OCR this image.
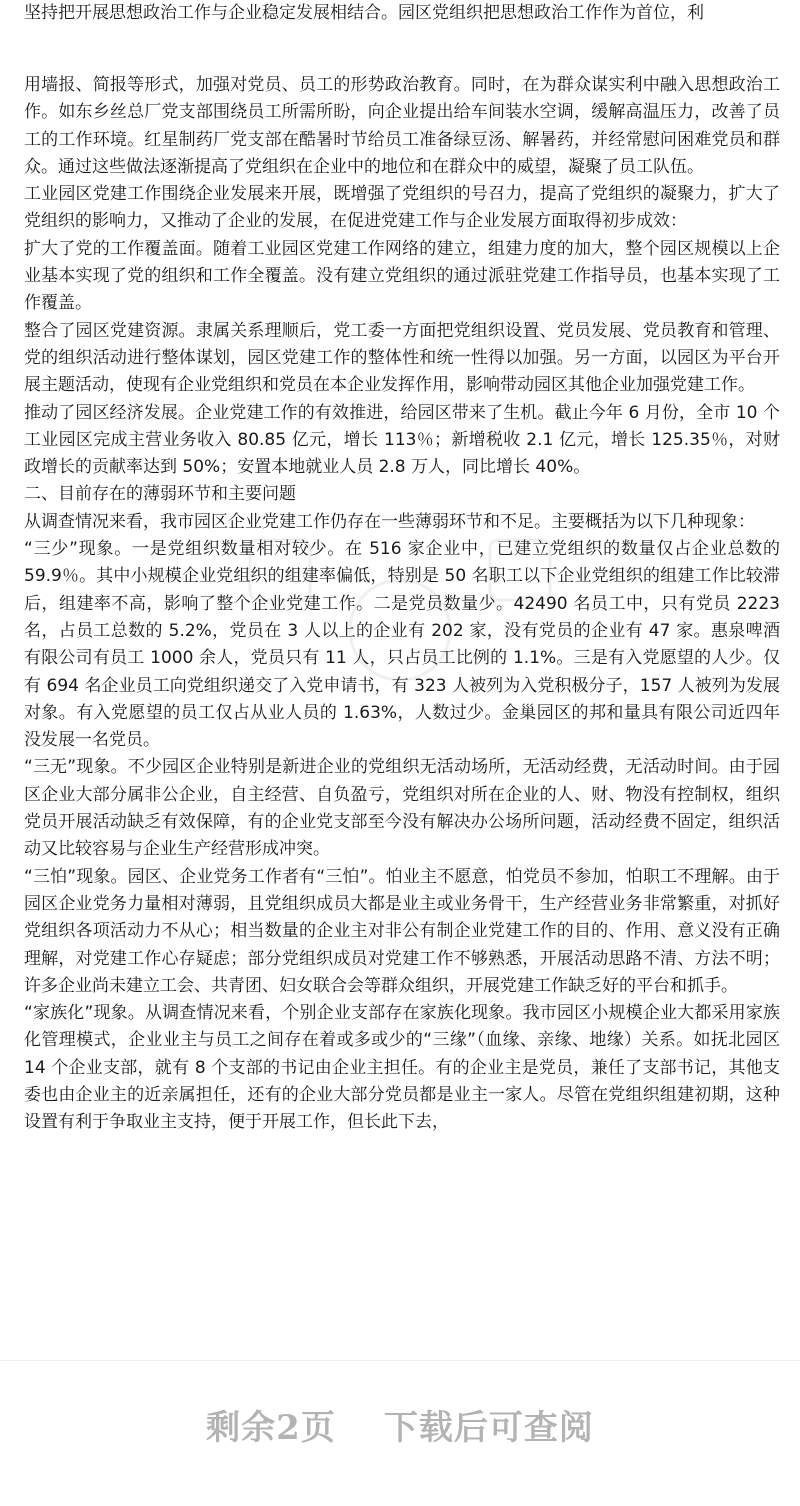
坚持把开展思想政治工作与企业稳定发展相结合。园区党组织把思想政治工作作为首位，利

用墙报、简报等形式，加强对党员、员工的形势政治教育。同时，在为群众谋实利中融入思想政治工作。如东乡丝总厂党支部围绕员工所需所盼，向企业提出给车间装水空调，缓解高温压力，改善了员工的工作环境。红星制药厂党支部在酷暑时节给员工准备绿豆汤、解暑药，并经常慰问困难党员和群众。通过这些做法逐渐提高了党组织在企业中的地位和在群众中的威望，凝聚了员工队伍。

工业园区党建工作围绕企业发展来开展，既增强了党组织的号召力，提高了党组织的凝聚力，扩大了党组织的影响力，又推动了企业的发展，在促进党建工作与企业发展方面取得初步成效：

扩大了党的工作覆盖面。随着工业园区党建工作网络的建立，组建力度的加大，整个园区规模以上企业基本实现了党的组织和工作全覆盖。没有建立党组织的通过派驻党建工作指导员，也基本实现了工作覆盖。

整合了园区党建资源。隶属关系理顺后，党工委一方面把党组织设置、党员发展、党员教育和管理、党的组织活动进行整体谋划，园区党建工作的整体性和统一性得以加强。另一方面，以园区为平台开展主题活动，使现有企业党组织和党员在本企业发挥作用，影响带动园区其他企业加强党建工作。

推动了园区经济发展。企业党建工作的有效推进，给园区带来了生机。截止今年 6 月份，全市 10 个工业园区完成主营业务收入 80.85 亿元，增长 113％；新增税收 2.1 亿元，增长 125.35％，对财政增长的贡献率达到 50%；安置本地就业人员 2.8 万人，同比增长 40%。

二、目前存在的薄弱环节和主要问题

从调查情况来看，我市园区企业党建工作仍存在一些薄弱环节和不足。主要概括为以下几种现象：

“三少”现象。一是党组织数量相对较少。在 516 家企业中，已建立党组织的数量仅占企业总数的 59.9％。其中小规模企业党组织的组建率偏低，特别是 50 名职工以下企业党组织的组建工作比较滞后，组建率不高，影响了整个企业党建工作。二是党员数量少。42490 名员工中，只有党员 2223 名，占员工总数的 5.2%，党员在 3 人以上的企业有 202 家，没有党员的企业有 47 家。惠泉啤酒有限公司有员工 1000 余人，党员只有 11 人，只占员工比例的 1.1%。三是有入党愿望的人少。仅有 694 名企业员工向党组织递交了入党申请书，有 323 人被列为入党积极分子，157 人被列为发展对象。有入党愿望的员工仅占从业人员的 1.63%，人数过少。金巢园区的邦和量具有限公司近四年没发展一名党员。

“三无”现象。不少园区企业特别是新进企业的党组织无活动场所，无活动经费，无活动时间。由于园区企业大部分属非公企业，自主经营、自负盈亏，党组织对所在企业的人、财、物没有控制权，组织党员开展活动缺乏有效保障，有的企业党支部至今没有解决办公场所问题，活动经费不固定，组织活动又比较容易与企业生产经营形成冲突。

“三怕”现象。园区、企业党务工作者有“三怕”。怕业主不愿意，怕党员不参加，怕职工不理解。由于园区企业党务力量相对薄弱，且党组织成员大都是业主或业务骨干，生产经营业务非常繁重，对抓好党组织各项活动力不从心；相当数量的企业主对非公有制企业党建工作的目的、作用、意义没有正确理解，对党建工作心存疑虑；部分党组织成员对党建工作不够熟悉，开展活动思路不清、方法不明；许多企业尚未建立工会、共青团、妇女联合会等群众组织，开展党建工作缺乏好的平台和抓手。

“家族化”现象。从调查情况来看，个别企业支部存在家族化现象。我市园区小规模企业大都采用家族化管理模式，企业业主与员工之间存在着或多或少的“三缘”（血缘、亲缘、地缘）关系。如抚北园区 14 个企业支部，就有 8 个支部的书记由企业主担任。有的企业主是党员，兼任了支部书记，其他支委也由企业主的近亲属担任，还有的企业大部分党员都是业主一家人。尽管在党组织组建初期，这种设置有利于争取业主支持，便于开展工作，但长此下去，

剩余2页 下载后可查阅
